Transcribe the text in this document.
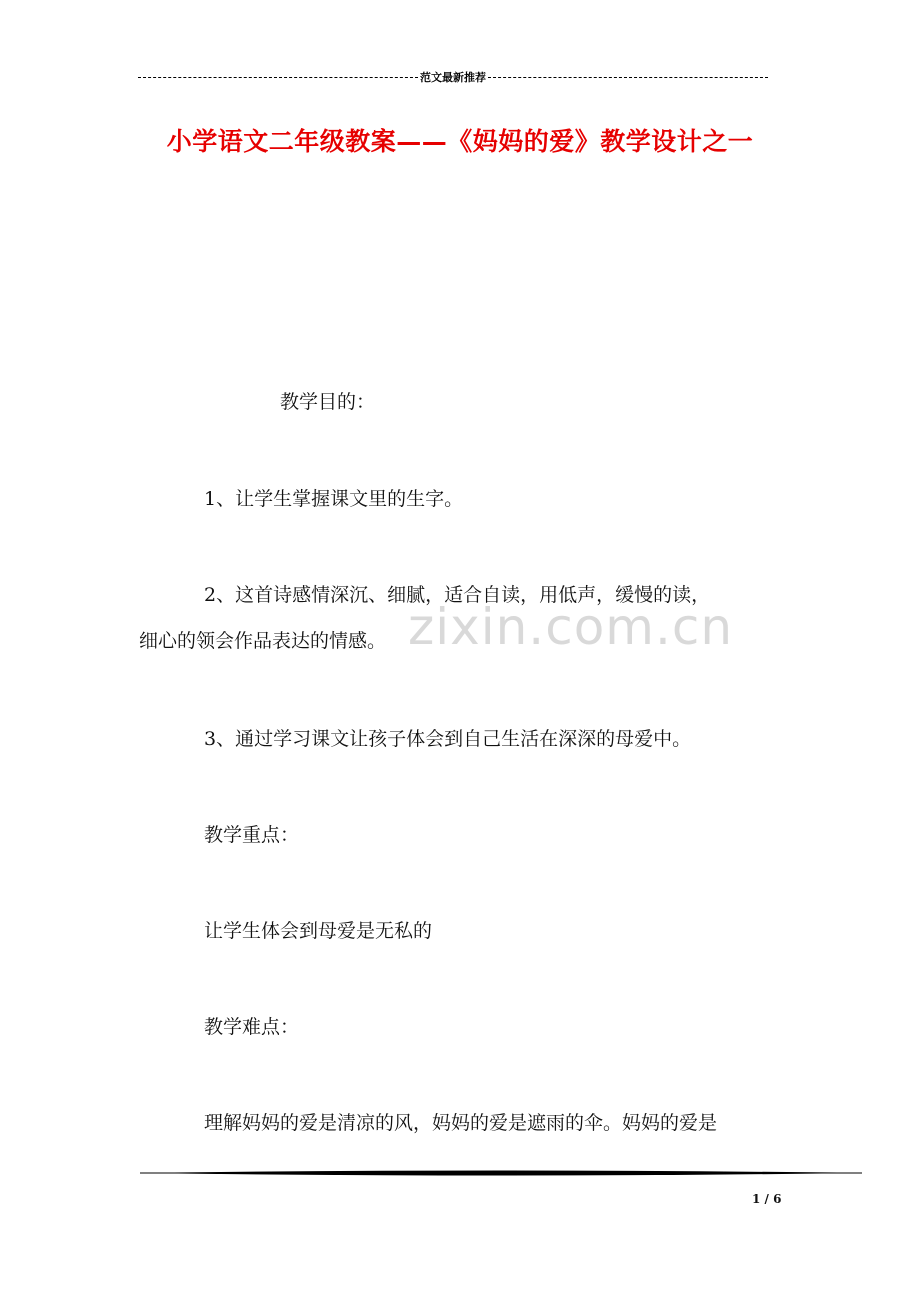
范文最新推荐
小学语文二年级教案——《妈妈的爱》教学设计之一
zixin.com.cn
教学目的：
1、让学生掌握课文里的生字。
2、这首诗感情深沉、细腻，适合自读，用低声，缓慢的读，
细心的领会作品表达的情感。
3、通过学习课文让孩子体会到自己生活在深深的母爱中。
教学重点：
让学生体会到母爱是无私的
教学难点：
理解妈妈的爱是清凉的风，妈妈的爱是遮雨的伞。妈妈的爱是
1 / 6
